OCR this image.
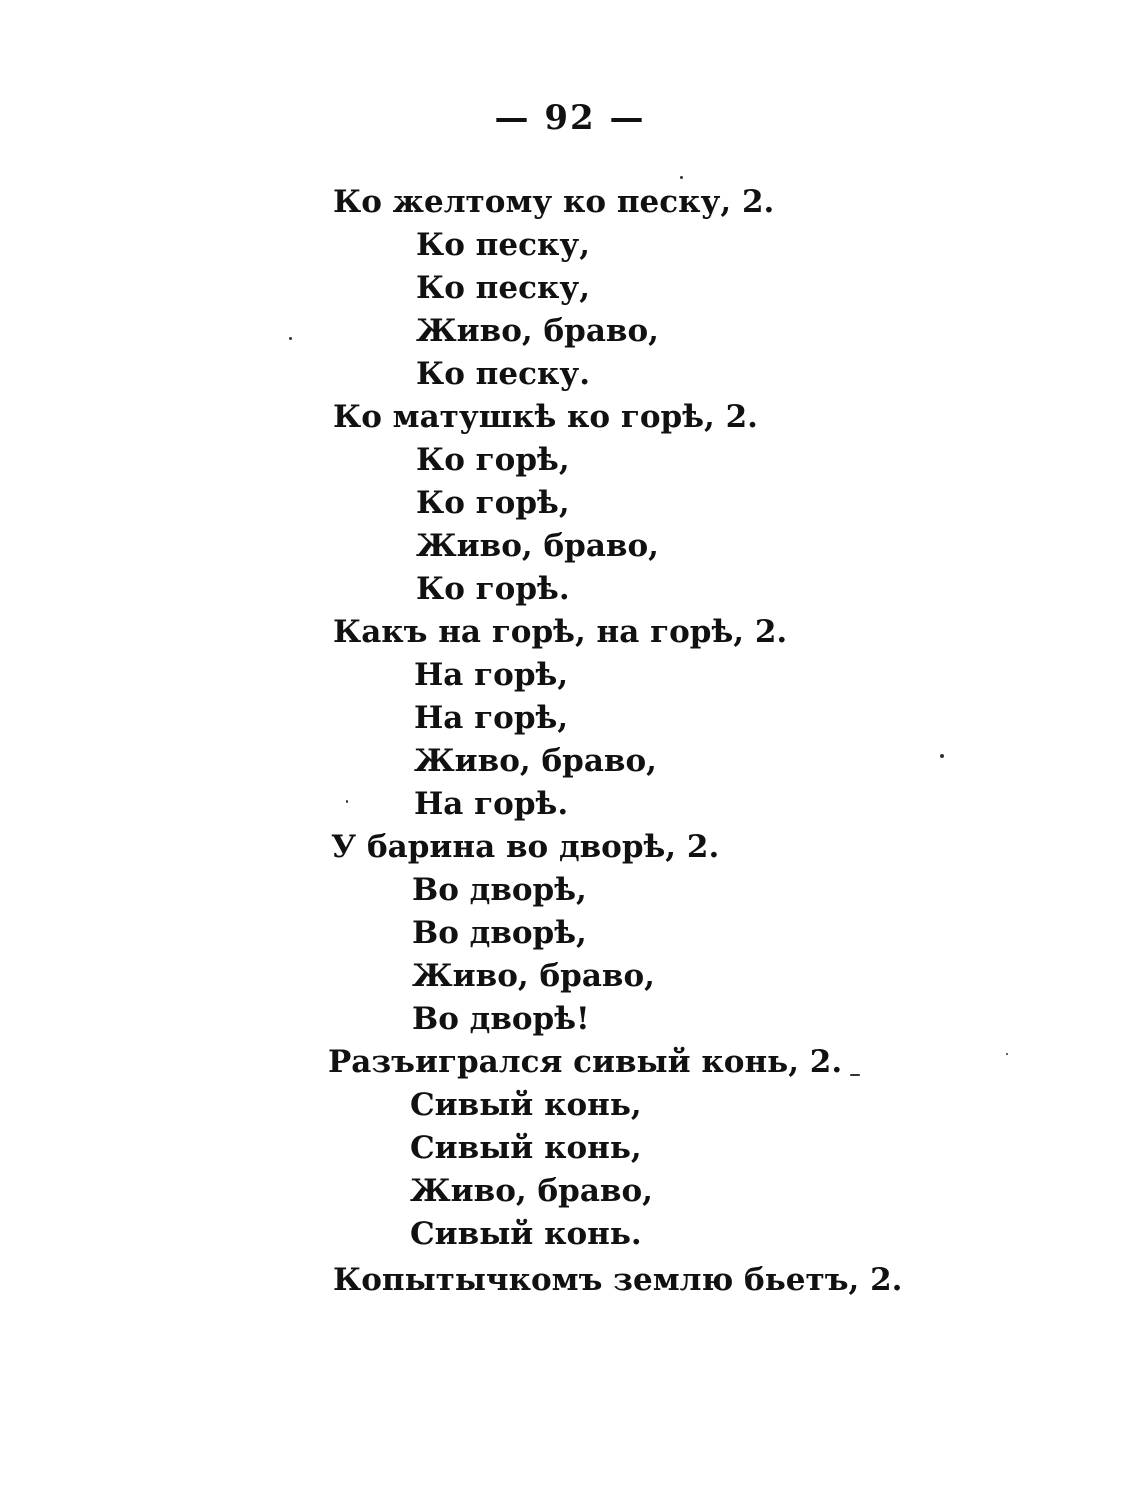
— 92 —
Ко желтому ко песку, 2.
Ко песку,
Ко песку,
Живо, браво,
Ко песку.
Ко матушкѣ ко горѣ, 2.
Ко горѣ,
Ко горѣ,
Живо, браво,
Ко горѣ.
Какъ на горѣ, на горѣ, 2.
На горѣ,
На горѣ,
Живо, браво,
На горѣ.
У барина во дворѣ, 2.
Во дворѣ,
Во дворѣ,
Живо, браво,
Во дворѣ!
Разъигрался сивый конь, 2.
Сивый конь,
Сивый конь,
Живо, браво,
Сивый конь.
Копытычкомъ землю бьетъ, 2.
